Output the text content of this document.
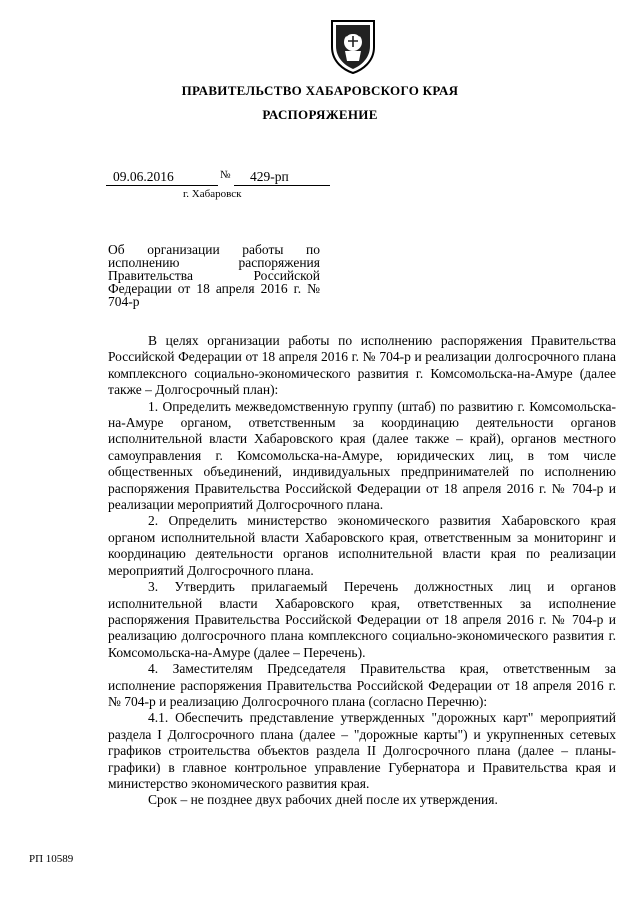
ПРАВИТЕЛЬСТВО ХАБАРОВСКОГО КРАЯ
РАСПОРЯЖЕНИЕ
09.06.2016	№ 429-рп
г. Хабаровск
Об организации работы по исполнению распоряжения Правительства Российской Федерации от 18 апреля 2016 г. № 704-р

В целях организации работы по исполнению распоряжения Правительства Российской Федерации от 18 апреля 2016 г. № 704-р и реализации долгосрочного плана комплексного социально-экономического развития г. Комсомольска-на-Амуре (далее также – Долгосрочный план):

1. Определить межведомственную группу (штаб) по развитию г. Комсомольска-на-Амуре органом, ответственным за координацию деятельности органов исполнительной власти Хабаровского края (далее также – край), органов местного самоуправления г. Комсомольска-на-Амуре, юридических лиц, в том числе общественных объединений, индивидуальных предпринимателей по исполнению распоряжения Правительства Российской Федерации от 18 апреля 2016 г. № 704-р и реализации мероприятий Долгосрочного плана.

2. Определить министерство экономического развития Хабаровского края органом исполнительной власти Хабаровского края, ответственным за мониторинг и координацию деятельности органов исполнительной власти края по реализации мероприятий Долгосрочного плана.

3. Утвердить прилагаемый Перечень должностных лиц и органов исполнительной власти Хабаровского края, ответственных за исполнение распоряжения Правительства Российской Федерации от 18 апреля 2016 г. № 704-р и реализацию долгосрочного плана комплексного социально-экономического развития г. Комсомольска-на-Амуре (далее – Перечень).

4. Заместителям Председателя Правительства края, ответственным за исполнение распоряжения Правительства Российской Федерации от 18 апреля 2016 г. № 704-р и реализацию Долгосрочного плана (согласно Перечню):

4.1. Обеспечить представление утвержденных "дорожных карт" мероприятий раздела I Долгосрочного плана (далее – "дорожные карты") и укрупненных сетевых графиков строительства объектов раздела II Долгосрочного плана (далее – планы-графики) в главное контрольное управление Губернатора и Правительства края и министерство экономического развития края.

Срок – не позднее двух рабочих дней после их утверждения.

РП 10589
